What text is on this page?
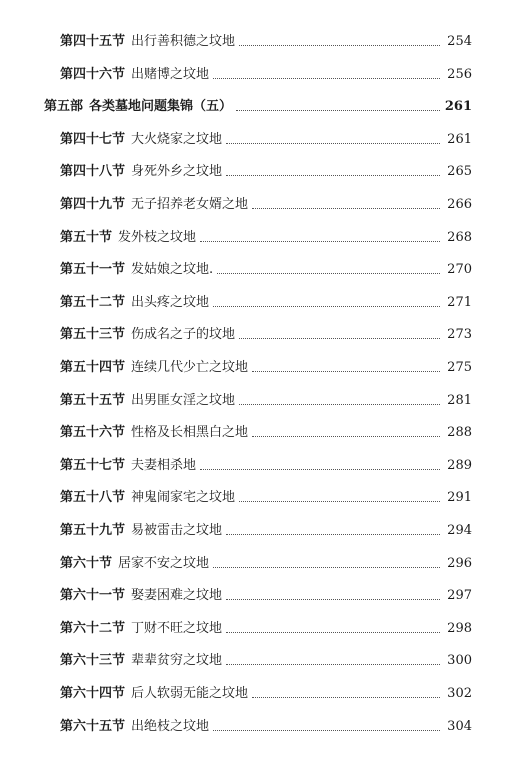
第四十五节 出行善积德之坟地	254
第四十六节 出赌博之坟地	256
第五部 各类墓地问题集锦（五）	261
第四十七节 大火烧家之坟地	261
第四十八节 身死外乡之坟地	265
第四十九节 无子招养老女婿之地	266
第五十节 发外枝之坟地	268
第五十一节 发姑娘之坟地.	270
第五十二节 出头疼之坟地	271
第五十三节 伤成名之子的坟地	273
第五十四节 连续几代少亡之坟地	275
第五十五节 出男匪女淫之坟地	281
第五十六节 性格及长相黑白之地	288
第五十七节 夫妻相杀地	289
第五十八节 神鬼闹家宅之坟地	291
第五十九节 易被雷击之坟地	294
第六十节 居家不安之坟地	296
第六十一节 娶妻困难之坟地	297
第六十二节 丁财不旺之坟地	298
第六十三节 辈辈贫穷之坟地	300
第六十四节 后人软弱无能之坟地	302
第六十五节 出绝枝之坟地	304
